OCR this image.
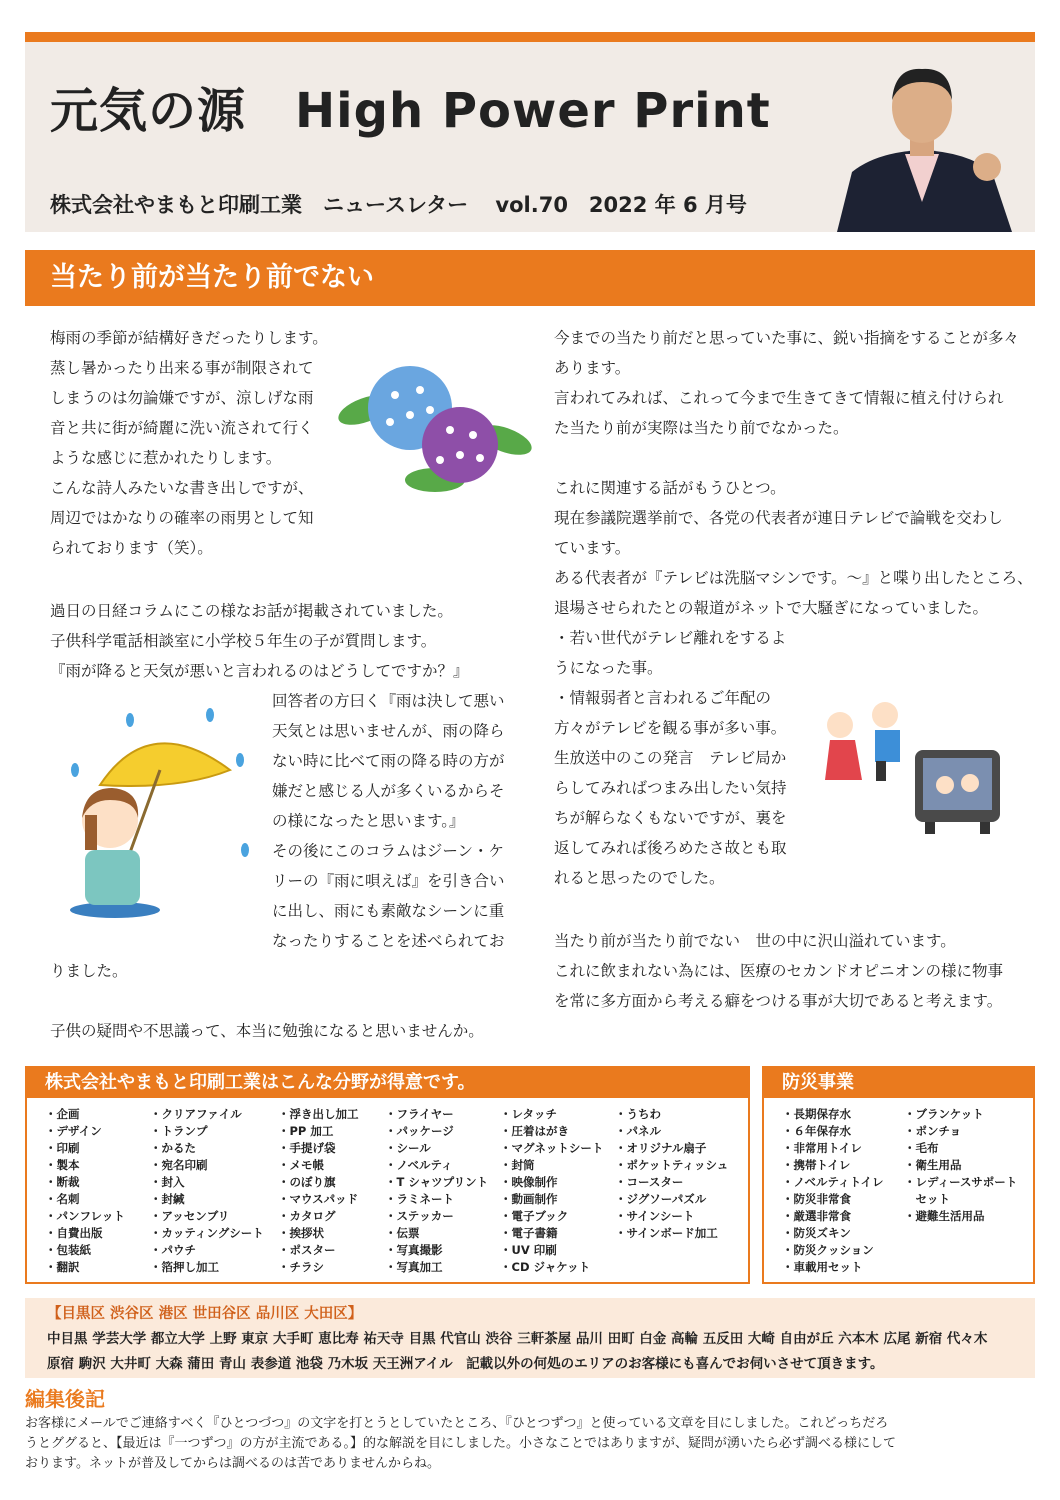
元気の源　High Power Print
株式会社やまもと印刷工業　ニュースレター vol.70　2022 年 6 月号
当たり前が当たり前でない
梅雨の季節が結構好きだったりします。
蒸し暑かったり出来る事が制限されて
しまうのは勿論嫌ですが、涼しげな雨
音と共に街が綺麗に洗い流されて行く
ような感じに惹かれたりします。
こんな詩人みたいな書き出しですが、
周辺ではかなりの確率の雨男として知
られております（笑）。
過日の日経コラムにこの様なお話が掲載されていました。
子供科学電話相談室に小学校５年生の子が質問します。
『雨が降ると天気が悪いと言われるのはどうしてですか？』
回答者の方曰く『雨は決して悪い
天気とは思いませんが、雨の降ら
ない時に比べて雨の降る時の方が
嫌だと感じる人が多くいるからそ
の様になったと思います。』
その後にこのコラムはジーン・ケ
リーの『雨に唄えば』を引き合い
に出し、雨にも素敵なシーンに重
なったりすることを述べられてお
りました。
子供の疑問や不思議って、本当に勉強になると思いませんか。
今までの当たり前だと思っていた事に、鋭い指摘をすることが多々
あります。
言われてみれば、これって今まで生きてきて情報に植え付けられ
た当たり前が実際は当たり前でなかった。
これに関連する話がもうひとつ。
現在参議院選挙前で、各党の代表者が連日テレビで論戦を交わし
ています。
ある代表者が『テレビは洗脳マシンです。～』と喋り出したところ、
退場させられたとの報道がネットで大騒ぎになっていました。
・若い世代がテレビ離れをするよ
うになった事。
・情報弱者と言われるご年配の
方々がテレビを観る事が多い事。
生放送中のこの発言　テレビ局か
らしてみればつまみ出したい気持
ちが解らなくもないですが、裏を
返してみれば後ろめたさ故とも取
れると思ったのでした。
当たり前が当たり前でない　世の中に沢山溢れています。
これに飲まれない為には、医療のセカンドオピニオンの様に物事
を常に多方面から考える癖をつける事が大切であると考えます。
株式会社やまもと印刷工業はこんな分野が得意です。
・企画
・デザイン
・印刷
・製本
・断裁
・名刺
・パンフレット
・自費出版
・包装紙
・翻訳
・クリアファイル
・トランプ
・かるた
・宛名印刷
・封入
・封緘
・アッセンブリ
・カッティングシート
・パウチ
・箔押し加工
・浮き出し加工
・PP 加工
・手提げ袋
・メモ帳
・のぼり旗
・マウスパッド
・カタログ
・挨拶状
・ポスター
・チラシ
・フライヤー
・パッケージ
・シール
・ノベルティ
・T シャツプリント
・ラミネート
・ステッカー
・伝票
・写真撮影
・写真加工
・レタッチ
・圧着はがき
・マグネットシート
・封筒
・映像制作
・動画制作
・電子ブック
・電子書籍
・UV 印刷
・CD ジャケット
・うちわ
・パネル
・オリジナル扇子
・ポケットティッシュ
・コースター
・ジグソーパズル
・サインシート
・サインボード加工
防災事業
・長期保存水
・６年保存水
・非常用トイレ
・携帯トイレ
・ノベルティトイレ
・防災非常食
・厳選非常食
・防災ズキン
・防災クッション
・車載用セット
・ブランケット
・ポンチョ
・毛布
・衛生用品
・レディースサポート
　セット
・避難生活用品
【目黒区 渋谷区 港区 世田谷区 品川区 大田区】
中目黒 学芸大学 都立大学 上野 東京 大手町 恵比寿 祐天寺 目黒 代官山 渋谷 三軒茶屋 品川 田町 白金 高輪 五反田 大崎 自由が丘 六本木 広尾 新宿 代々木
原宿 駒沢 大井町 大森 蒲田 青山 表参道 池袋 乃木坂 天王洲アイル　記載以外の何処のエリアのお客様にも喜んでお伺いさせて頂きます。
編集後記
お客様にメールでご連絡すべく『ひとつづつ』の文字を打とうとしていたところ、『ひとつずつ』と使っている文章を目にしました。これどっちだろ
うとググると、【最近は『一つずつ』の方が主流である。】的な解説を目にしました。小さなことではありますが、疑問が湧いたら必ず調べる様にして
おります。ネットが普及してからは調べるのは苦でありませんからね。
